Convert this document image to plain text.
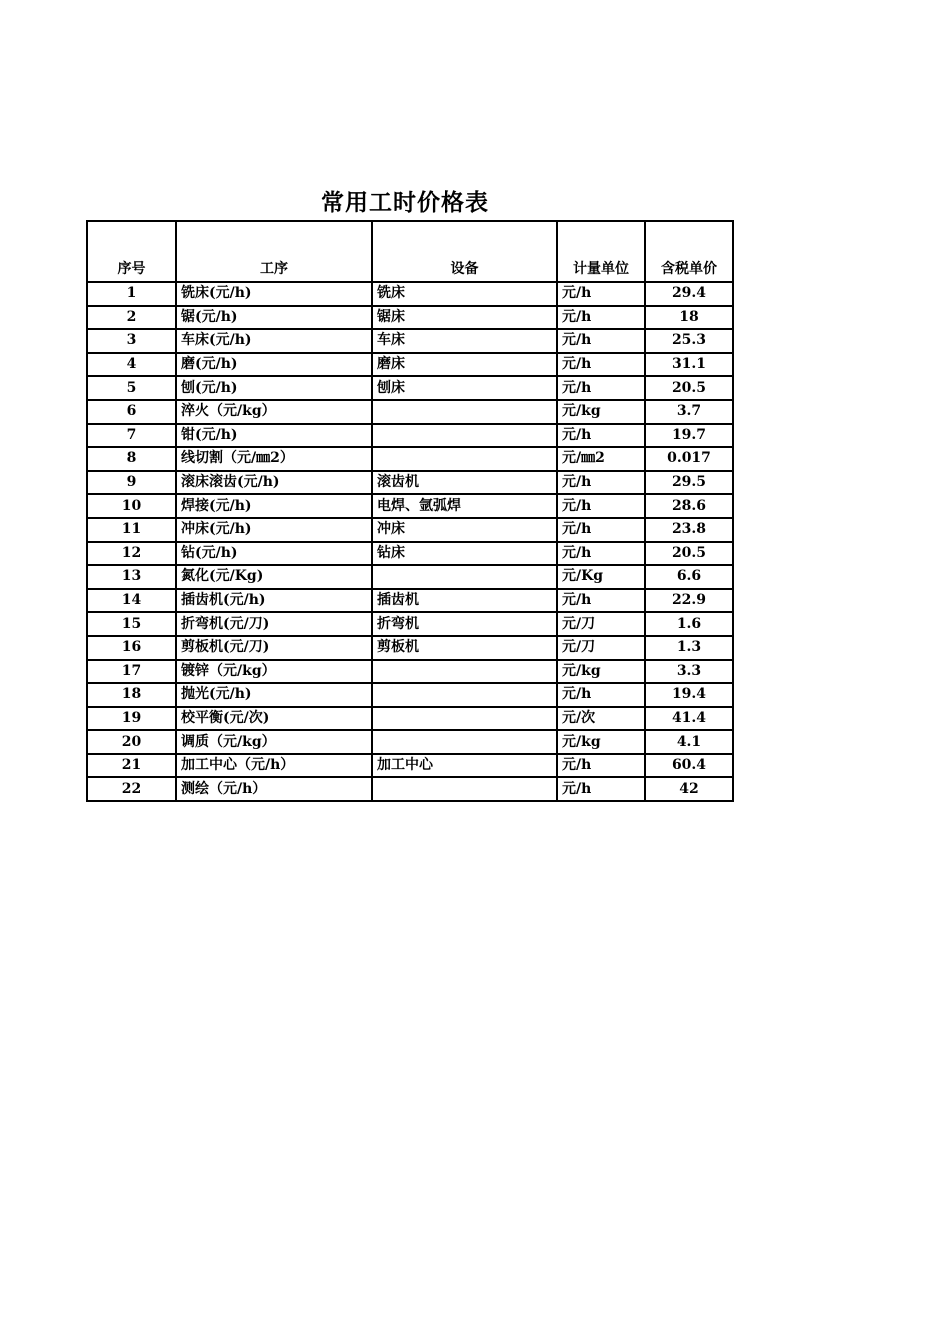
常用工时价格表
序号	工序	设备	计量单位	含税单价
1	铣床(元/h)	铣床	元/h	29.4
2	锯(元/h)	锯床	元/h	18
3	车床(元/h)	车床	元/h	25.3
4	磨(元/h)	磨床	元/h	31.1
5	刨(元/h)	刨床	元/h	20.5
6	淬火（元/kg）		元/kg	3.7
7	钳(元/h)		元/h	19.7
8	线切割（元/㎜2）		元/㎜2	0.017
9	滚床滚齿(元/h)	滚齿机	元/h	29.5
10	焊接(元/h)	电焊、氩弧焊	元/h	28.6
11	冲床(元/h)	冲床	元/h	23.8
12	钻(元/h)	钻床	元/h	20.5
13	氮化(元/Kg)		元/Kg	6.6
14	插齿机(元/h)	插齿机	元/h	22.9
15	折弯机(元/刀)	折弯机	元/刀	1.6
16	剪板机(元/刀)	剪板机	元/刀	1.3
17	镀锌（元/kg）		元/kg	3.3
18	抛光(元/h)		元/h	19.4
19	校平衡(元/次)		元/次	41.4
20	调质（元/kg）		元/kg	4.1
21	加工中心（元/h）	加工中心	元/h	60.4
22	测绘（元/h）		元/h	42
